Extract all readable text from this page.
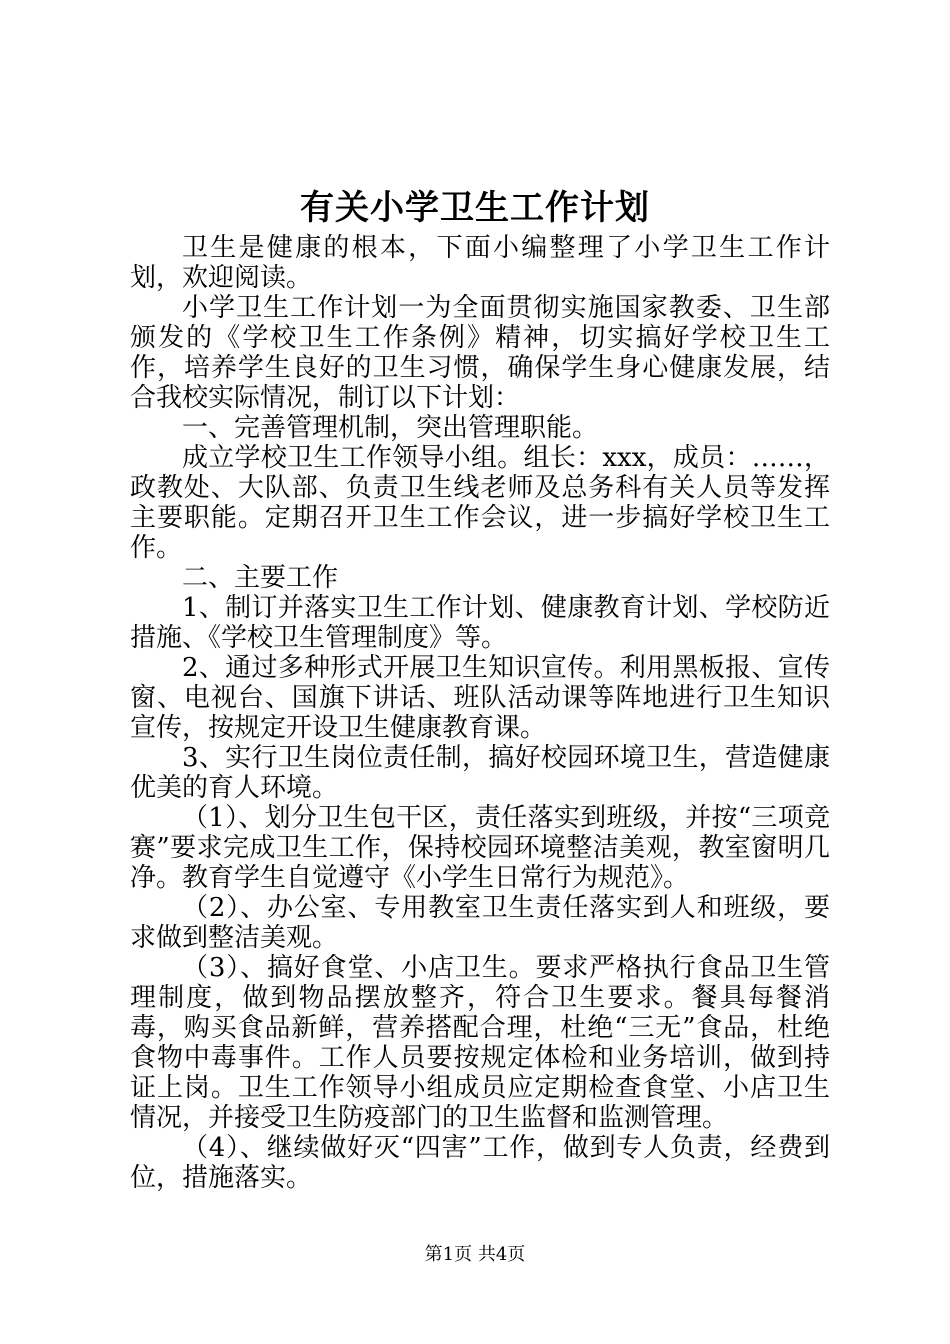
有关小学卫生工作计划

卫生是健康的根本，下面小编整理了小学卫生工作计划，欢迎阅读。

小学卫生工作计划一为全面贯彻实施国家教委、卫生部颁发的《学校卫生工作条例》精神，切实搞好学校卫生工作，培养学生良好的卫生习惯，确保学生身心健康发展，结合我校实际情况，制订以下计划：

一、完善管理机制，突出管理职能。

成立学校卫生工作领导小组。组长：xxx，成员：……，政教处、大队部、负责卫生线老师及总务科有关人员等发挥主要职能。定期召开卫生工作会议，进一步搞好学校卫生工作。

二、主要工作

1、制订并落实卫生工作计划、健康教育计划、学校防近措施、《学校卫生管理制度》等。

2、通过多种形式开展卫生知识宣传。利用黑板报、宣传窗、电视台、国旗下讲话、班队活动课等阵地进行卫生知识宣传，按规定开设卫生健康教育课。

3、实行卫生岗位责任制，搞好校园环境卫生，营造健康优美的育人环境。

（1）、划分卫生包干区，责任落实到班级，并按“三项竞赛”要求完成卫生工作，保持校园环境整洁美观，教室窗明几净。教育学生自觉遵守《小学生日常行为规范》。

（2）、办公室、专用教室卫生责任落实到人和班级，要求做到整洁美观。

（3）、搞好食堂、小店卫生。要求严格执行食品卫生管理制度，做到物品摆放整齐，符合卫生要求。餐具每餐消毒，购买食品新鲜，营养搭配合理，杜绝“三无”食品，杜绝食物中毒事件。工作人员要按规定体检和业务培训，做到持证上岗。卫生工作领导小组成员应定期检查食堂、小店卫生情况，并接受卫生防疫部门的卫生监督和监测管理。

（4）、继续做好灭“四害”工作，做到专人负责，经费到位，措施落实。

第1页 共4页
